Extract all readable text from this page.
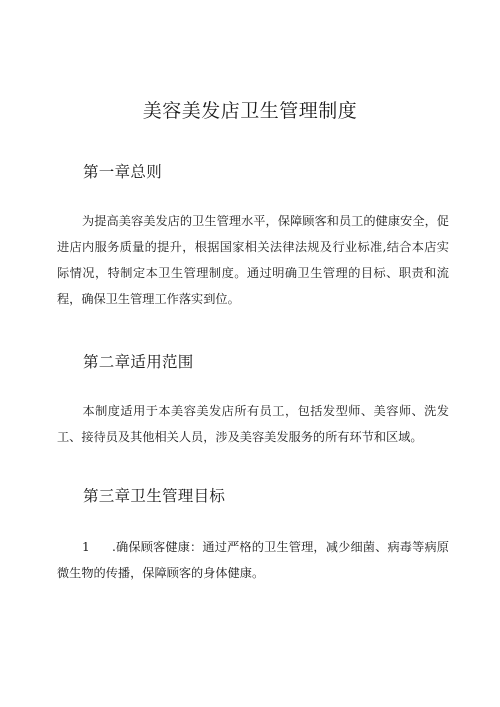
美容美发店卫生管理制度
第一章总则

为提高美容美发店的卫生管理水平，保障顾客和员工的健康安全，促进店内服务质量的提升，根据国家相关法律法规及行业标准,结合本店实际情况，特制定本卫生管理制度。通过明确卫生管理的目标、职责和流程，确保卫生管理工作落实到位。

第二章适用范围

本制度适用于本美容美发店所有员工，包括发型师、美容师、洗发工、接待员及其他相关人员，涉及美容美发服务的所有环节和区域。

第三章卫生管理目标

1 .确保顾客健康：通过严格的卫生管理，减少细菌、病毒等病原微生物的传播，保障顾客的身体健康。
